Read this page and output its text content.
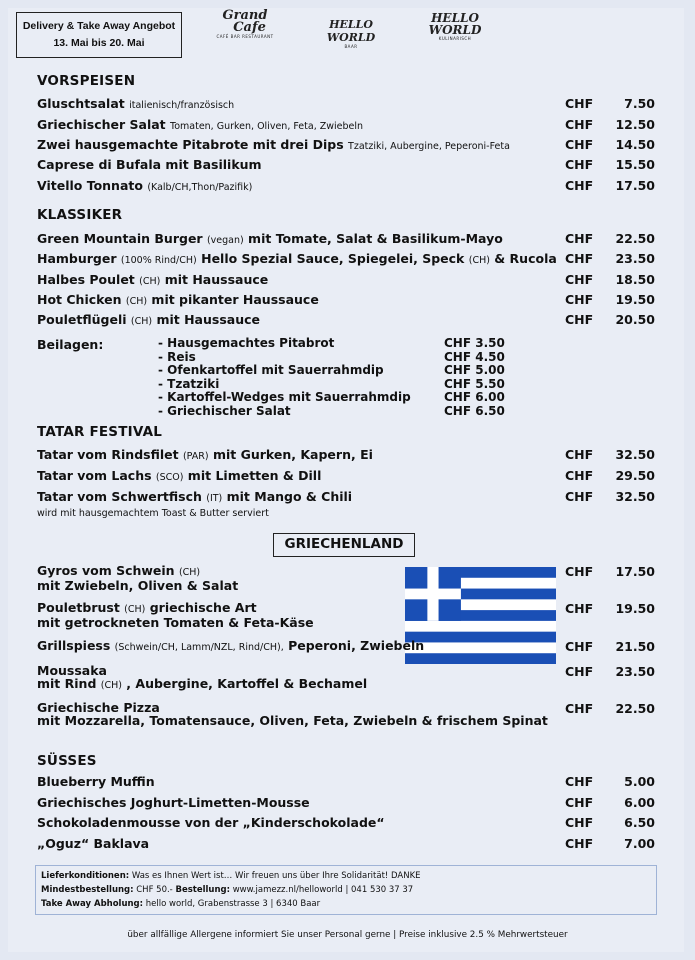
Delivery & Take Away Angebot
13. Mai bis 20. Mai
Grand
Cafe
CAFÉ BAR RESTAURANT
HELLO WORLD
BAAR
HELLO
WORLD
KULINARISCH
VORSPEISEN
Gluschtsalat italienisch/französisch	CHF	7.50
Griechischer Salat Tomaten, Gurken, Oliven, Feta, Zwiebeln	CHF	12.50
Zwei hausgemachte Pitabrote mit drei Dips Tzatziki, Aubergine, Peperoni-Feta	CHF	14.50
Caprese di Bufala mit Basilikum	CHF	15.50
Vitello Tonnato (Kalb/CH,Thon/Pazifik)	CHF	17.50
KLASSIKER
Green Mountain Burger (vegan) mit Tomate, Salat & Basilikum-Mayo	CHF	22.50
Hamburger (100% Rind/CH) Hello Spezial Sauce, Spiegelei, Speck (CH) & Rucola CHF	23.50
Halbes Poulet (CH) mit Haussauce	CHF	18.50
Hot Chicken (CH) mit pikanter Haussauce	CHF	19.50
Pouletflügeli (CH) mit Haussauce	CHF	20.50
Beilagen:	- Hausgemachtes Pitabrot	CHF 3.50
- Reis	CHF 4.50
- Ofenkartoffel mit Sauerrahmdip	CHF 5.00
- Tzatziki	CHF 5.50
- Kartoffel-Wedges mit Sauerrahmdip	CHF 6.00
- Griechischer Salat	CHF 6.50
TATAR FESTIVAL
Tatar vom Rindsfilet (PAR) mit Gurken, Kapern, Ei	CHF	32.50
Tatar vom Lachs (SCO) mit Limetten & Dill	CHF	29.50
Tatar vom Schwertfisch (IT) mit Mango & Chili	CHF	32.50
wird mit hausgemachtem Toast & Butter serviert
GRIECHENLAND
Gyros vom Schwein (CH)
mit Zwiebeln, Oliven & Salat
CHF	17.50
Pouletbrust (CH) griechische Art
mit getrockneten Tomaten & Feta-Käse
CHF	19.50
Grillspiess (Schwein/CH, Lamm/NZL, Rind/CH), Peperoni, Zwiebeln	CHF	21.50
Moussaka
mit Rind (CH) , Aubergine, Kartoffel & Bechamel
CHF	23.50
Griechische Pizza
mit Mozzarella, Tomatensauce, Oliven, Feta, Zwiebeln & frischem Spinat
CHF	22.50
SÜSSES
Blueberry Muffin	CHF	5.00
Griechisches Joghurt-Limetten-Mousse	CHF	6.00
Schokoladenmousse von der „Kinderschokolade“	CHF	6.50
„Oguz“ Baklava	CHF	7.00
Lieferkonditionen: Was es Ihnen Wert ist… Wir freuen uns über Ihre Solidarität! DANKE
Mindestbestellung: CHF 50.- Bestellung: www.jamezz.nl/helloworld | 041 530 37 37
Take Away Abholung: hello world, Grabenstrasse 3 | 6340 Baar
über allfällige Allergene informiert Sie unser Personal gerne | Preise inklusive 2.5 % Mehrwertsteuer
